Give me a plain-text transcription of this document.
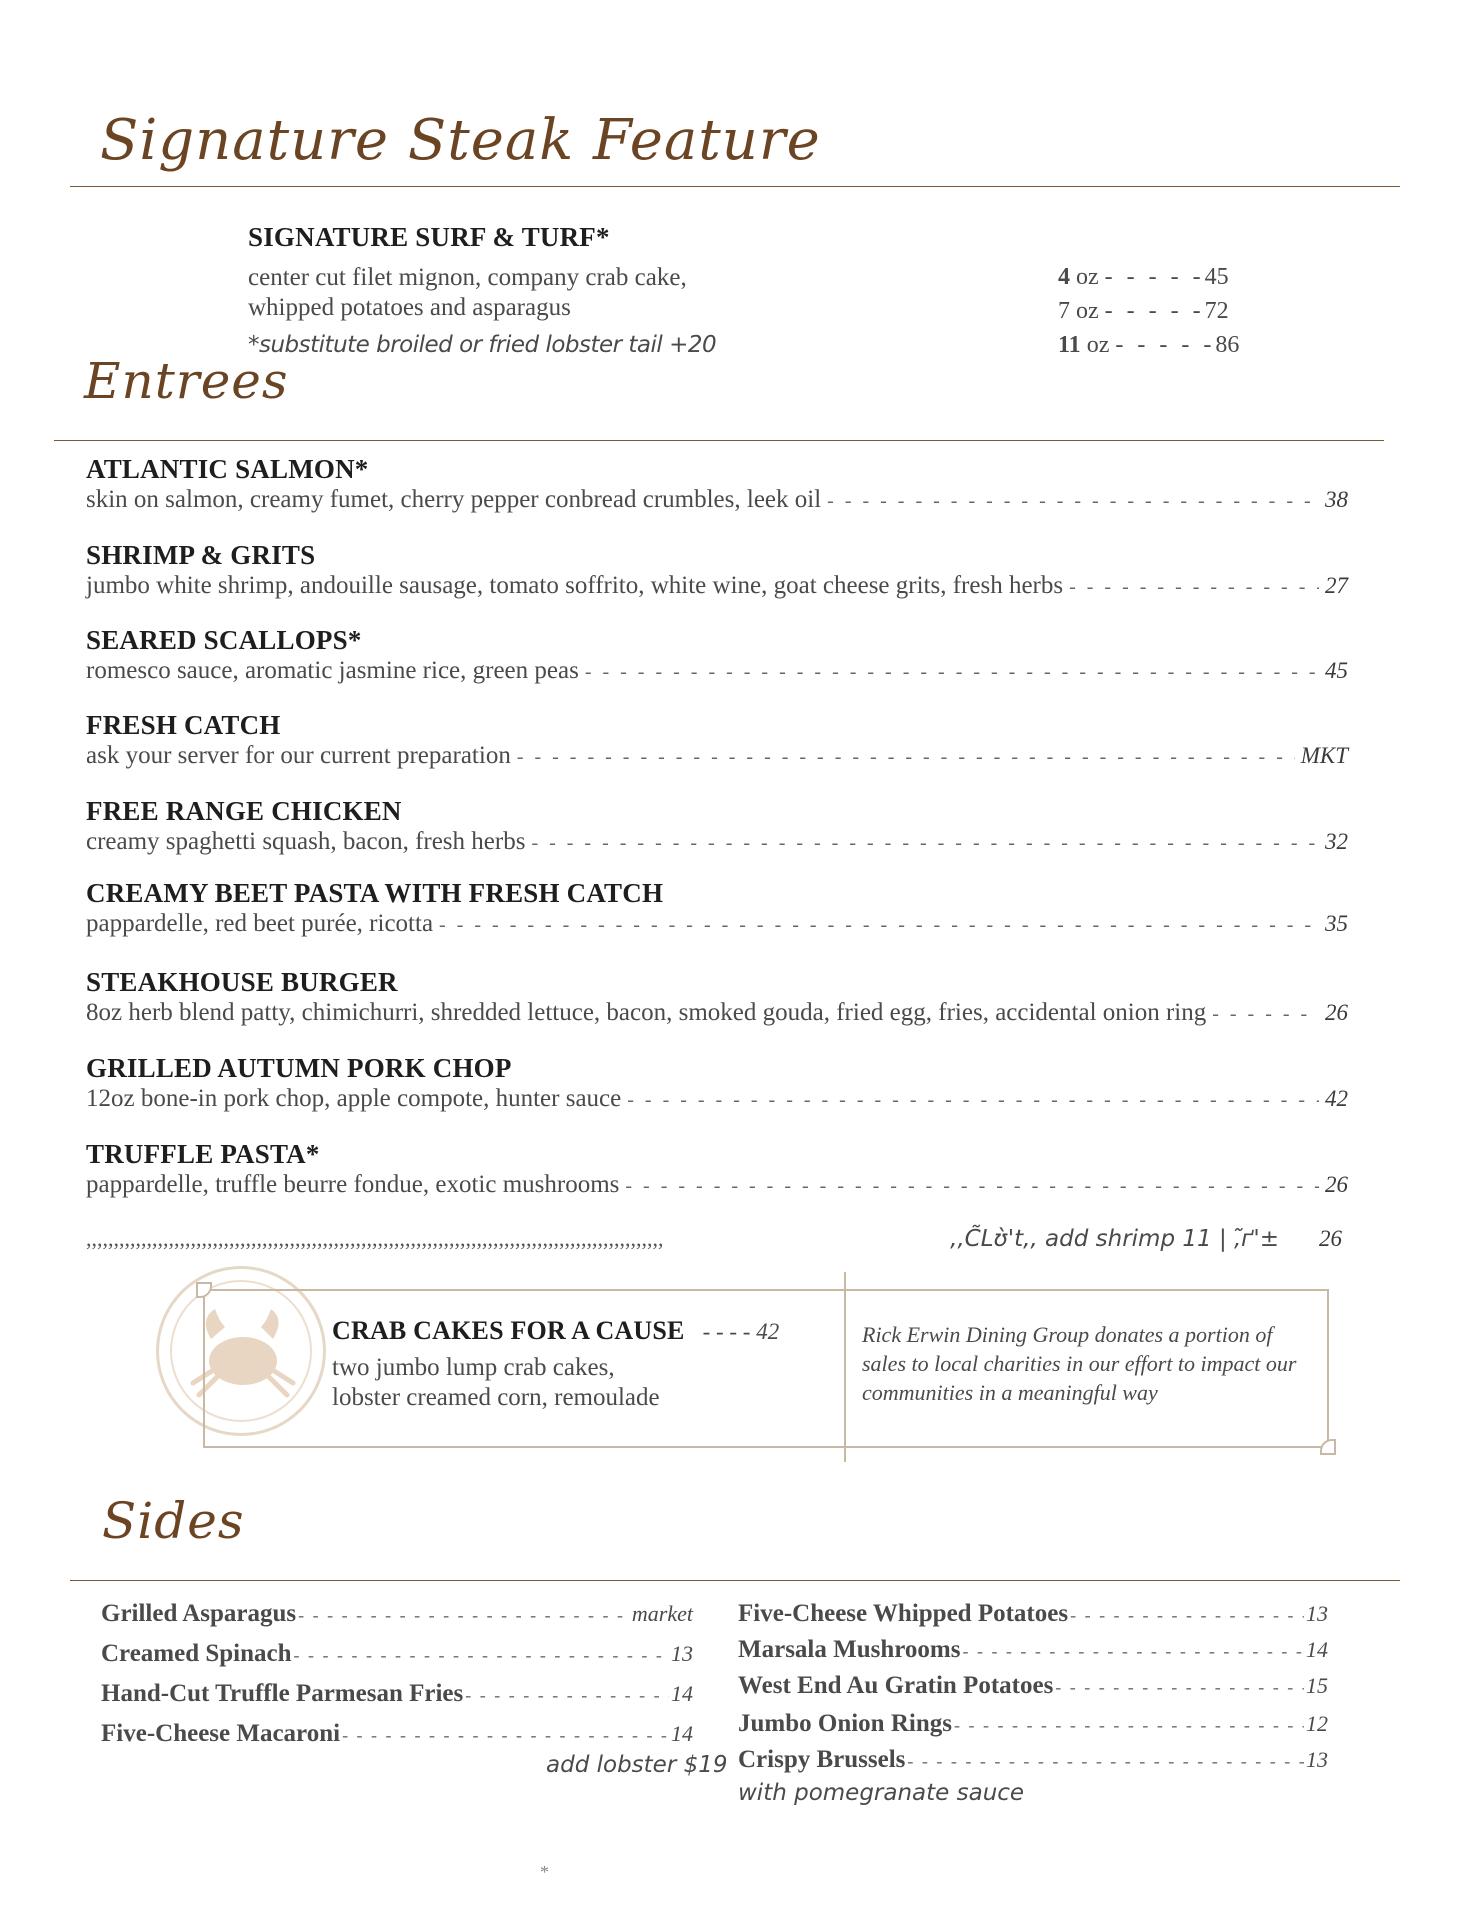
Signature Steak Feature
SIGNATURE SURF & TURF*
center cut filet mignon, company crab cake,
whipped potatoes and asparagus
*substitute broiled or fried lobster tail +20
4 oz - - - - -45
7 oz - - - - -72
11 oz - - - - -86
Entrees
ATLANTIC SALMON*
skin on salmon, creamy fumet, cherry pepper conbread crumbles, leek oil - - -	38
SHRIMP & GRITS
jumbo white shrimp, andouille sausage, tomato soffrito, white wine, goat cheese grits, fresh herbs - - -	27
SEARED SCALLOPS*
romesco sauce, aromatic jasmine rice, green peas - - -	45
FRESH CATCH
ask your server for our current preparation - - -	MKT
FREE RANGE CHICKEN
creamy spaghetti squash, bacon, fresh herbs - - -	32
CREAMY BEET PASTA WITH FRESH CATCH
pappardelle, red beet purée, ricotta - - -	35
STEAKHOUSE BURGER
8oz herb blend patty, chimichurri, shredded lettuce, bacon, smoked gouda, fried egg, fries, accidental onion ring - - -	26
GRILLED AUTUMN PORK CHOP
12oz bone-in pork chop, apple compote, hunter sauce - - -	42
TRUFFLE PASTA*
pappardelle, truffle beurre fondue, exotic mushrooms - - -	26
,,,,,,,,,,,,,,,,,,,,,,,,,,,,,,,,,,,,,,,,,,,,,,,,,,,,,,,,,,,,,,,,,,,,,,,,,,,,,,,,,,,,,,,,,,,,,,,,,,,,,,,,,	,,C̃Lʊ̀'t,, add shrimp 11 | ,̃ґ'± 26
CRAB CAKES FOR A CAUSE - - - - 42
two jumbo lump crab cakes,
lobster creamed corn, remoulade
Rick Erwin Dining Group donates a portion of
sales to local charities in our effort to impact our
communities in a meaningful way
Sides
Grilled Asparagus - - -	market
Creamed Spinach - - -	13
Hand-Cut Truffle Parmesan Fries - - -	14
Five-Cheese Macaroni - - -	14
add lobster $19
Five-Cheese Whipped Potatoes - - -	13
Marsala Mushrooms - - -	14
West End Au Gratin Potatoes - - -	15
Jumbo Onion Rings - - -	12
Crispy Brussels - - -	13
with pomegranate sauce
*
